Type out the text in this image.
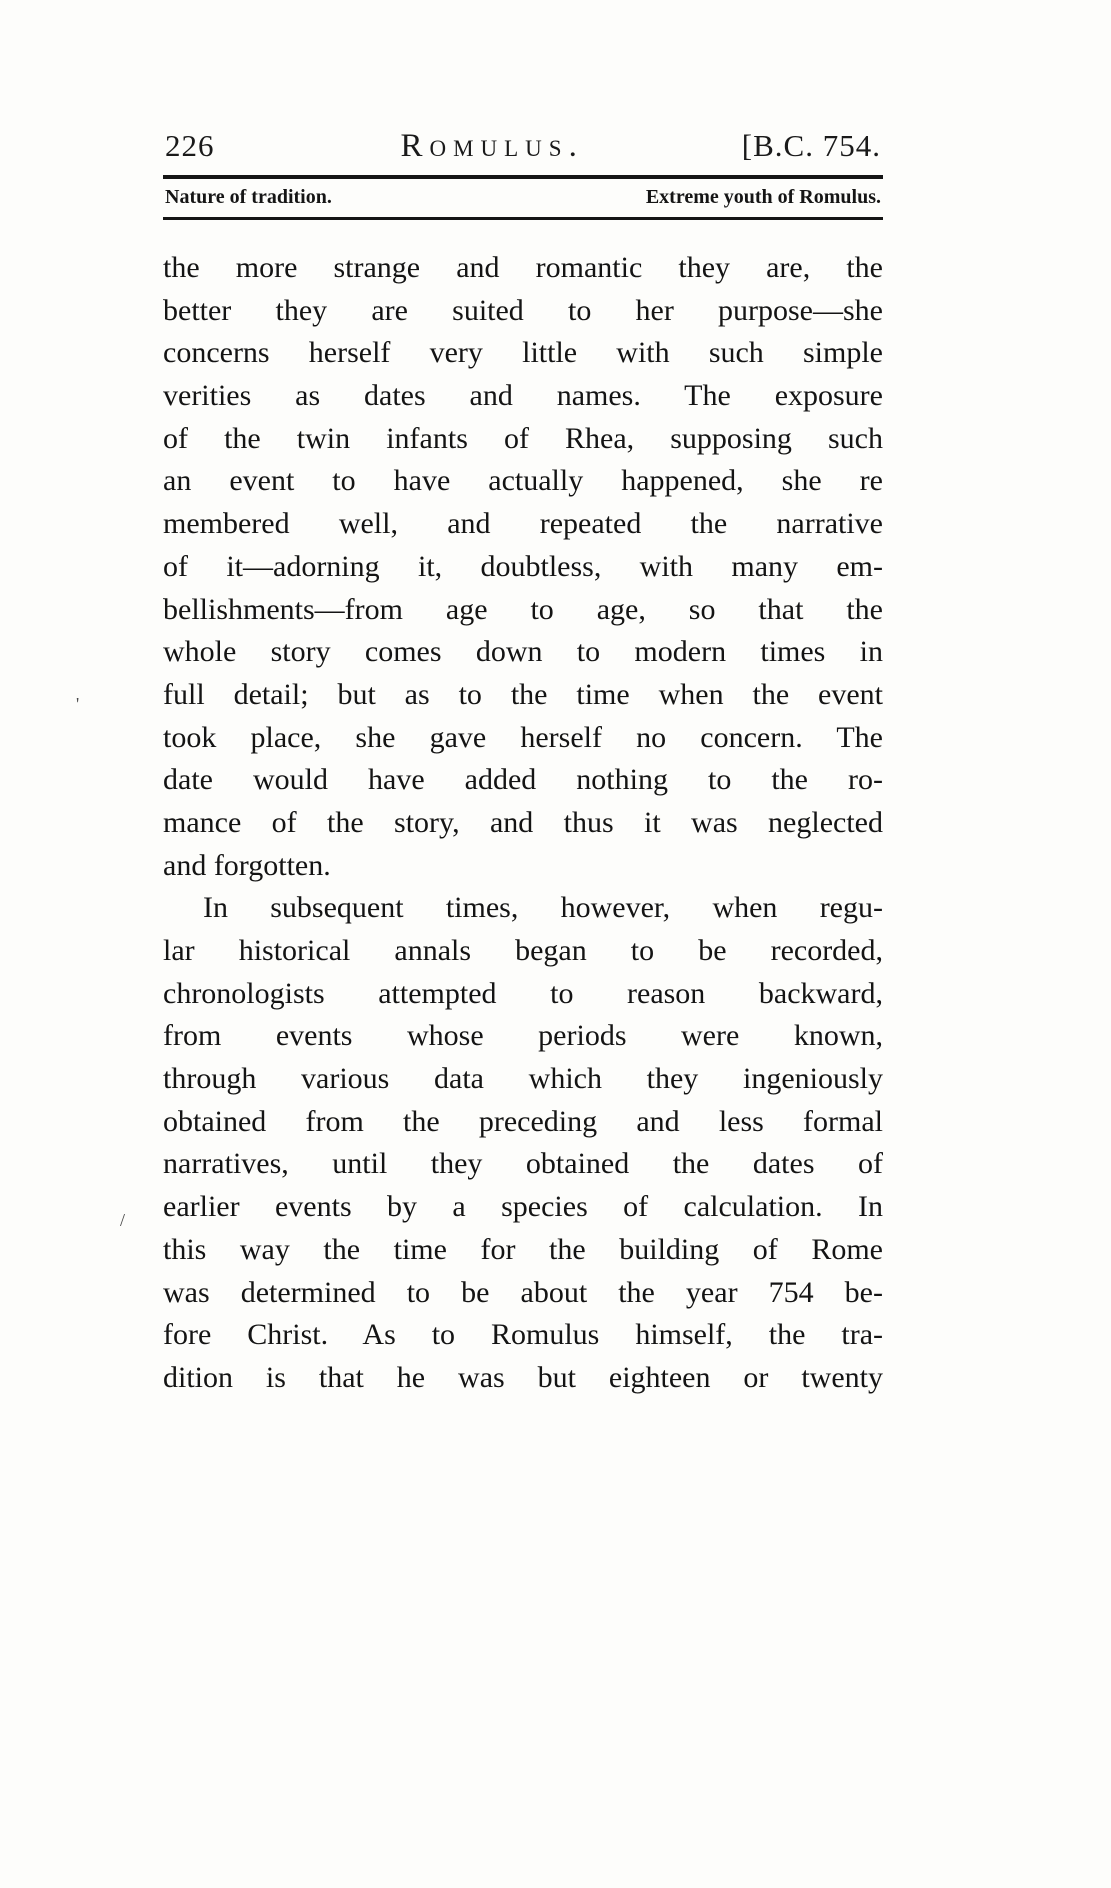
'
/
226	Romulus.	[B.C. 754.
Nature of tradition.	Extreme youth of Romulus.
the more strange and romantic they are, the
better they are suited to her purpose—she
concerns herself very little with such simple
verities as dates and names. The exposure
of the twin infants of Rhea, supposing such
an event to have actually happened, she re
membered well, and repeated the narrative
of it—adorning it, doubtless, with many em-
bellishments—from age to age, so that the
whole story comes down to modern times in
full detail; but as to the time when the event
took place, she gave herself no concern. The
date would have added nothing to the ro-
mance of the story, and thus it was neglected
and forgotten.
In subsequent times, however, when regu-
lar historical annals began to be recorded,
chronologists attempted to reason backward,
from events whose periods were known,
through various data which they ingeniously
obtained from the preceding and less formal
narratives, until they obtained the dates of
earlier events by a species of calculation. In
this way the time for the building of Rome
was determined to be about the year 754 be-
fore Christ. As to Romulus himself, the tra-
dition is that he was but eighteen or twenty
